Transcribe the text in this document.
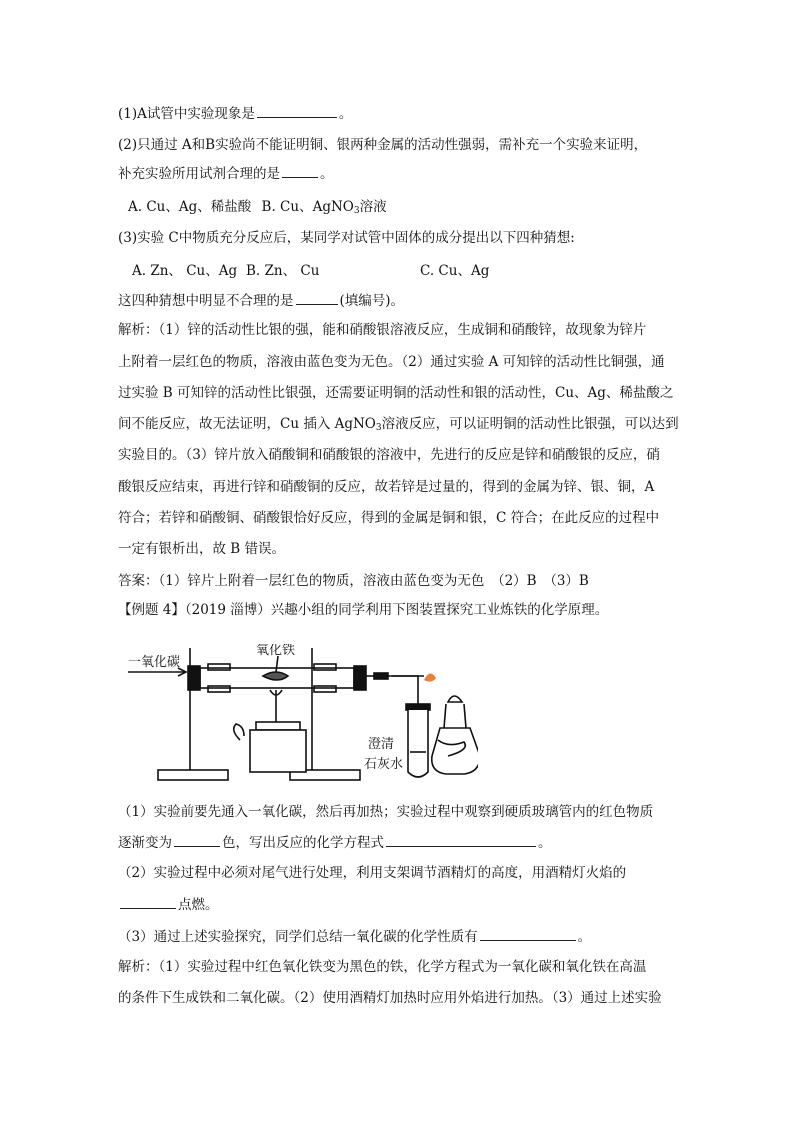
(1)A试管中实验现象是	。
(2)只通过 A和B实验尚不能证明铜、银两种金属的活动性强弱，需补充一个实验来证明，
补充实验所用试剂合理的是	。
A. Cu、Ag、稀盐酸 B. Cu、AgNO$_3$溶液
(3)实验 C中物质充分反应后，某同学对试管中固体的成分提出以下四种猜想:
A. Zn、 Cu、Ag B. Zn、 Cu	C. Cu、Ag
这四种猜想中明显不合理的是	(填编号)。
解析：（1）锌的活动性比银的强，能和硝酸银溶液反应，生成铜和硝酸锌，故现象为锌片
上附着一层红色的物质，溶液由蓝色变为无色。（2）通过实验 A 可知锌的活动性比铜强，通
过实验 B 可知锌的活动性比银强，还需要证明铜的活动性和银的活动性，Cu、Ag、稀盐酸之
间不能反应，故无法证明，Cu 插入 AgNO$_3$溶液反应，可以证明铜的活动性比银强，可以达到
实验目的。（3）锌片放入硝酸铜和硝酸银的溶液中，先进行的反应是锌和硝酸银的反应，硝
酸银反应结束，再进行锌和硝酸铜的反应，故若锌是过量的，得到的金属为锌、银、铜，A
符合；若锌和硝酸铜、硝酸银恰好反应，得到的金属是铜和银，C 符合；在此反应的过程中
一定有银析出，故 B 错误。
答案：（1）锌片上附着一层红色的物质，溶液由蓝色变为无色　（2）B　（3）B
【例题 4】（2019 淄博）兴趣小组的同学利用下图装置探究工业炼铁的化学原理。
一氧化碳
氧化铁
澄清
石灰水
（1）实验前要先通入一氧化碳，然后再加热；实验过程中观察到硬质玻璃管内的红色物质
逐渐变为	色，写出反应的化学方程式	。
（2）实验过程中必须对尾气进行处理，利用支架调节酒精灯的高度，用酒精灯火焰的
点燃。
（3）通过上述实验探究，同学们总结一氧化碳的化学性质有	。
解析：（1）实验过程中红色氧化铁变为黑色的铁，化学方程式为一氧化碳和氧化铁在高温
的条件下生成铁和二氧化碳。（2）使用酒精灯加热时应用外焰进行加热。（3）通过上述实验
